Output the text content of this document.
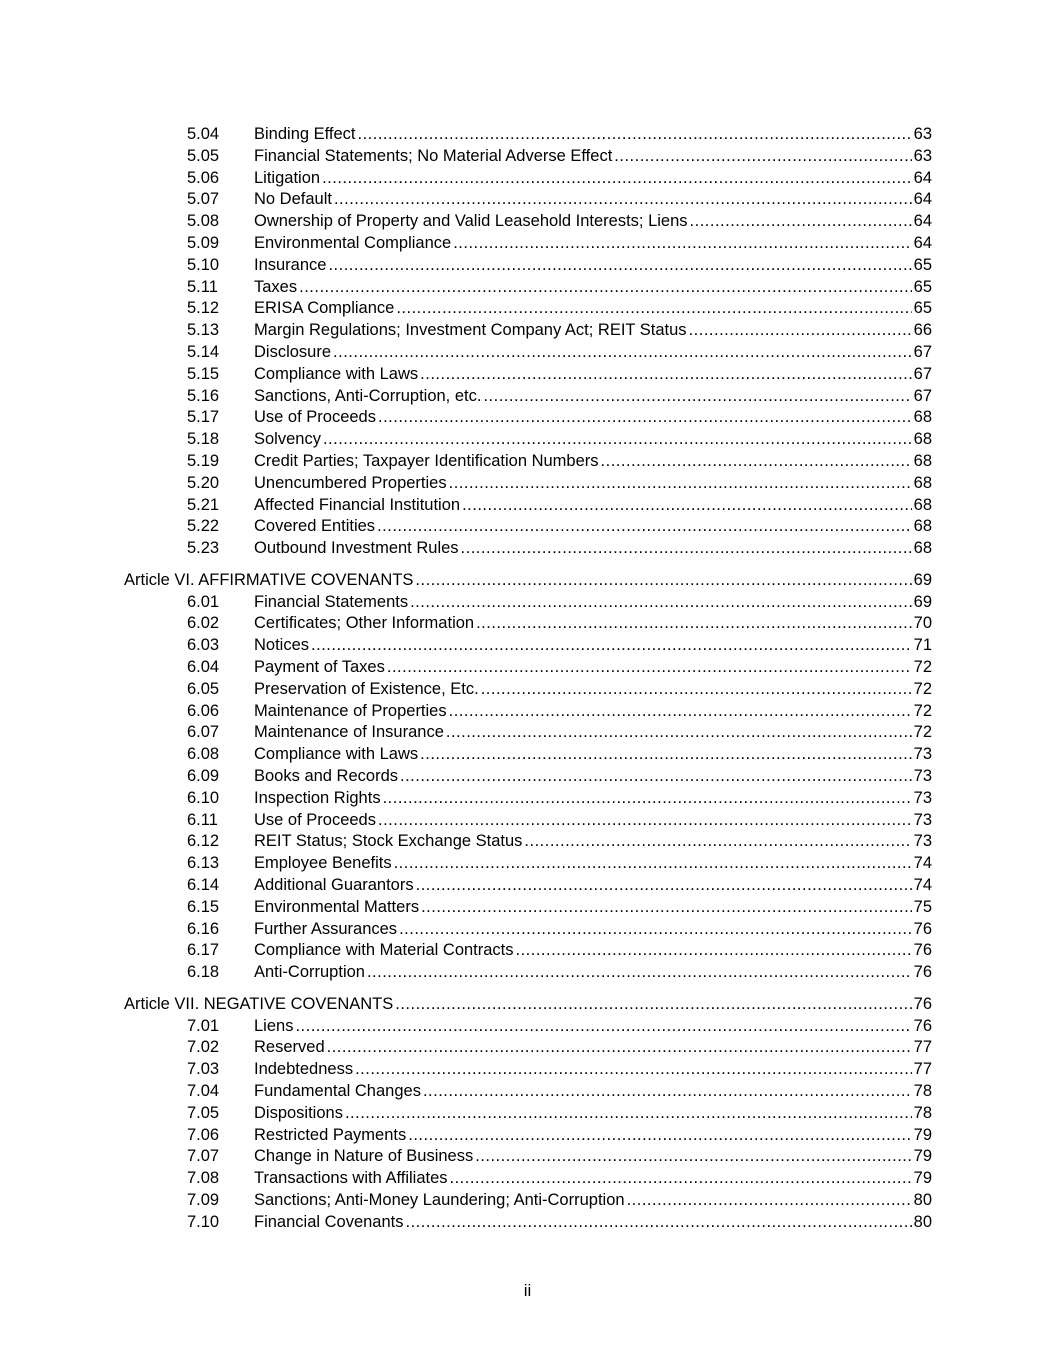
5.04 Binding Effect .....	63
5.05 Financial Statements; No Material Adverse Effect .....	63
5.06 Litigation .....	64
5.07 No Default .....	64
5.08 Ownership of Property and Valid Leasehold Interests; Liens .....	64
5.09 Environmental Compliance .....	64
5.10 Insurance .....	65
5.11 Taxes .....	65
5.12 ERISA Compliance .....	65
5.13 Margin Regulations; Investment Company Act; REIT Status .....	66
5.14 Disclosure .....	67
5.15 Compliance with Laws .....	67
5.16 Sanctions, Anti-Corruption, etc. .....	67
5.17 Use of Proceeds .....	68
5.18 Solvency .....	68
5.19 Credit Parties; Taxpayer Identification Numbers .....	68
5.20 Unencumbered Properties .....	68
5.21 Affected Financial Institution .....	68
5.22 Covered Entities .....	68
5.23 Outbound Investment Rules .....	68
Article VI. AFFIRMATIVE COVENANTS .....	69
6.01 Financial Statements .....	69
6.02 Certificates; Other Information .....	70
6.03 Notices .....	71
6.04 Payment of Taxes .....	72
6.05 Preservation of Existence, Etc. .....	72
6.06 Maintenance of Properties .....	72
6.07 Maintenance of Insurance .....	72
6.08 Compliance with Laws .....	73
6.09 Books and Records .....	73
6.10 Inspection Rights .....	73
6.11 Use of Proceeds .....	73
6.12 REIT Status; Stock Exchange Status .....	73
6.13 Employee Benefits .....	74
6.14 Additional Guarantors .....	74
6.15 Environmental Matters .....	75
6.16 Further Assurances .....	76
6.17 Compliance with Material Contracts .....	76
6.18 Anti-Corruption .....	76
Article VII. NEGATIVE COVENANTS .....	76
7.01 Liens .....	76
7.02 Reserved .....	77
7.03 Indebtedness .....	77
7.04 Fundamental Changes .....	78
7.05 Dispositions .....	78
7.06 Restricted Payments .....	79
7.07 Change in Nature of Business .....	79
7.08 Transactions with Affiliates .....	79
7.09 Sanctions; Anti-Money Laundering; Anti-Corruption .....	80
7.10 Financial Covenants .....	80
ii
